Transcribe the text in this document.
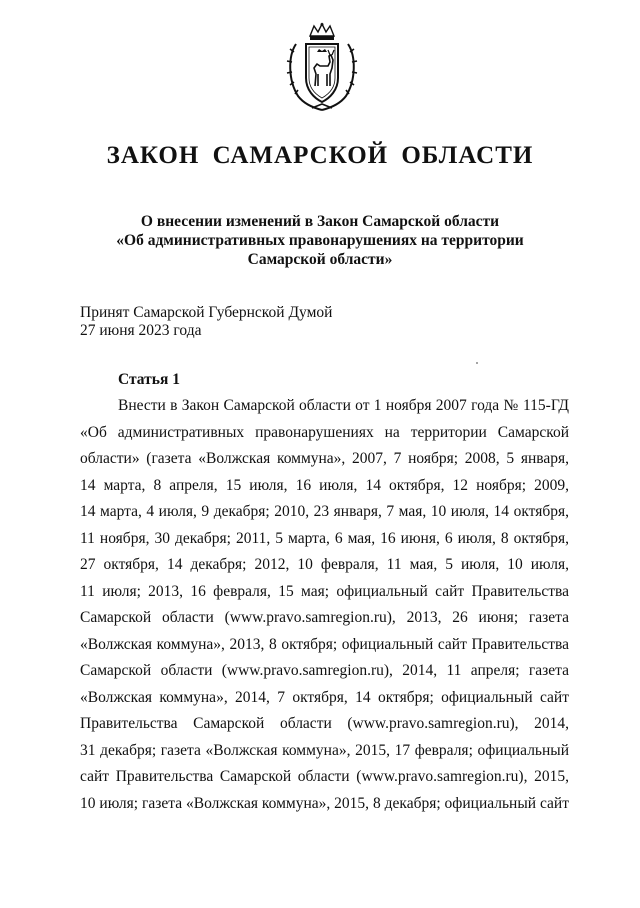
ЗАКОН САМАРСКОЙ ОБЛАСТИ
О внесении изменений в Закон Самарской области
«Об административных правонарушениях на территории
Самарской области»
Принят Самарской Губернской Думой
27 июня 2023 года
Статья 1
Внести в Закон Самарской области от 1 ноября 2007 года № 115-ГД
«Об административных правонарушениях на территории Самарской
области» (газета «Волжская коммуна», 2007, 7 ноября; 2008, 5 января,
14 марта, 8 апреля, 15 июля, 16 июля, 14 октября, 12 ноября; 2009,
14 марта, 4 июля, 9 декабря; 2010, 23 января, 7 мая, 10 июля, 14 октября,
11 ноября, 30 декабря; 2011, 5 марта, 6 мая, 16 июня, 6 июля, 8 октября,
27 октября, 14 декабря; 2012, 10 февраля, 11 мая, 5 июля, 10 июля,
11 июля; 2013, 16 февраля, 15 мая; официальный сайт Правительства
Самарской области (www.pravo.samregion.ru), 2013, 26 июня; газета
«Волжская коммуна», 2013, 8 октября; официальный сайт Правительства
Самарской области (www.pravo.samregion.ru), 2014, 11 апреля; газета
«Волжская коммуна», 2014, 7 октября, 14 октября; официальный сайт
Правительства Самарской области (www.pravo.samregion.ru), 2014,
31 декабря; газета «Волжская коммуна», 2015, 17 февраля; официальный
сайт Правительства Самарской области (www.pravo.samregion.ru), 2015,
10 июля; газета «Волжская коммуна», 2015, 8 декабря; официальный сайт
